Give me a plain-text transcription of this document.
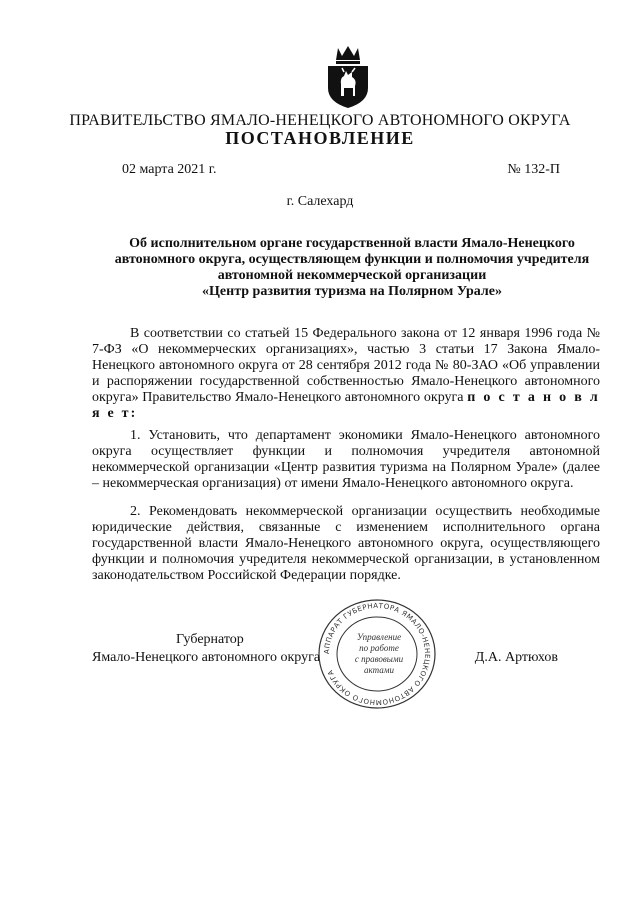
ПРАВИТЕЛЬСТВО ЯМАЛО-НЕНЕЦКОГО АВТОНОМНОГО ОКРУГА
ПОСТАНОВЛЕНИЕ
02 марта 2021 г.	№ 132-П
г. Салехард
Об исполнительном органе государственной власти Ямало-Ненецкого
автономного округа, осуществляющем функции и полномочия учредителя
автономной некоммерческой организации
«Центр развития туризма на Полярном Урале»
В соответствии со статьей 15 Федерального закона от 12 января 1996 года № 7-ФЗ «О некоммерческих организациях», частью 3 статьи 17 Закона Ямало-Ненецкого автономного округа от 28 сентября 2012 года № 80-ЗАО «Об управлении и распоряжении государственной собственностью Ямало-Ненецкого автономного округа» Правительство Ямало-Ненецкого автономного округа п о с т а н о в л я е т:
1. Установить, что департамент экономики Ямало-Ненецкого автономного округа осуществляет функции и полномочия учредителя автономной некоммерческой организации «Центр развития туризма на Полярном Урале» (далее – некоммерческая организация) от имени Ямало-Ненецкого автономного округа.
2. Рекомендовать некоммерческой организации осуществить необходимые юридические действия, связанные с изменением исполнительного органа государственной власти Ямало-Ненецкого автономного округа, осуществляющего функции и полномочия учредителя некоммерческой организации, в установленном законодательством Российской Федерации порядке.
Губернатор
Ямало-Ненецкого автономного округа	Д.А. Артюхов
АППАРАТ ГУБЕРНАТОРА ЯМАЛО-НЕНЕЦКОГО АВТОНОМНОГО ОКРУГА
Управление
по работе
с правовыми
актами
